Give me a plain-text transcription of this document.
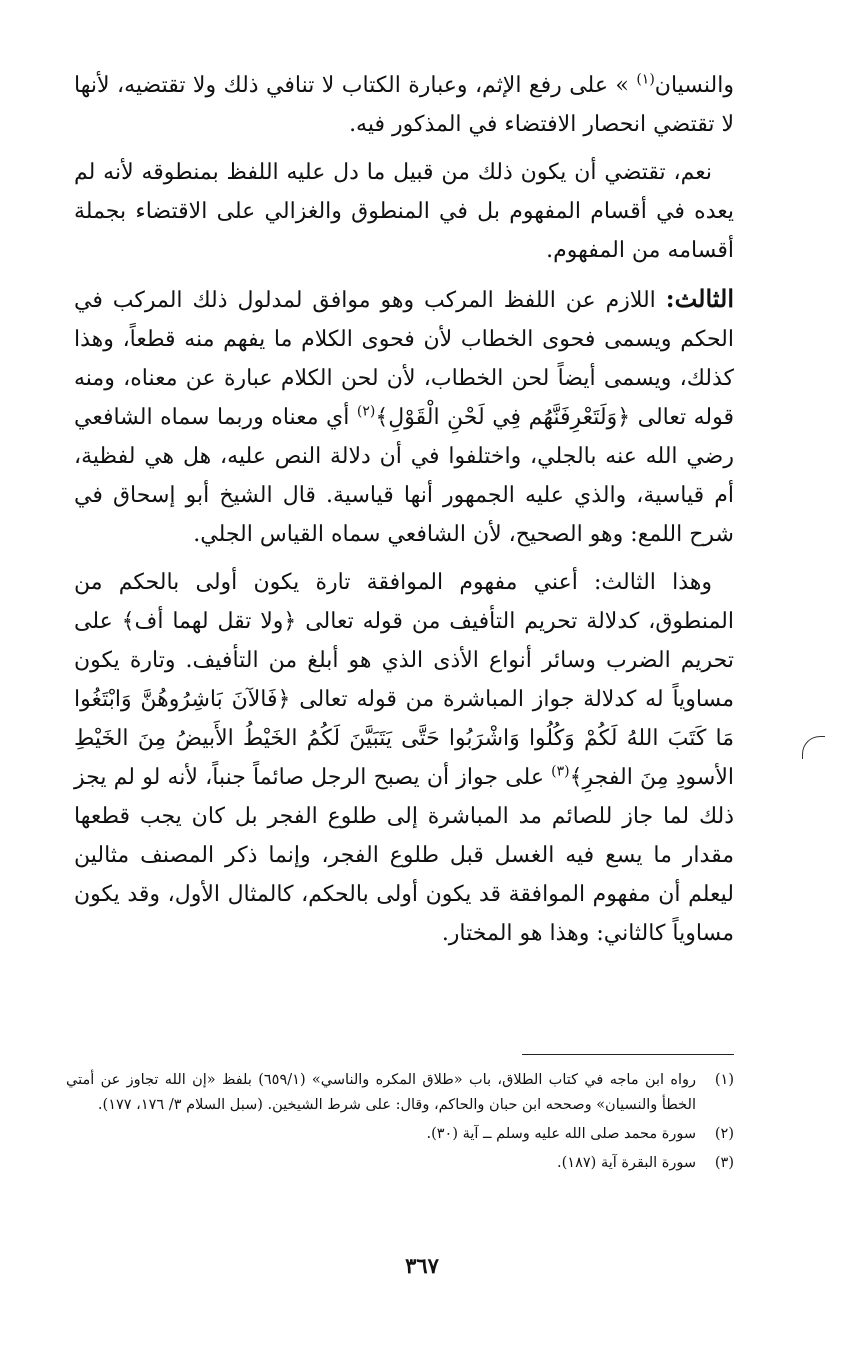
والنسيان$^{(١)}$ » على رفع الإثم، وعبارة الكتاب لا تنافي ذلك ولا تقتضيه، لأنها لا تقتضي انحصار الافتضاء في المذكور فيه.

نعم، تقتضي أن يكون ذلك من قبيل ما دل عليه اللفظ بمنطوقه لأنه لم يعده في أقسام المفهوم بل في المنطوق والغزالي على الاقتضاء بجملة أقسامه من المفهوم.

الثالث: اللازم عن اللفظ المركب وهو موافق لمدلول ذلك المركب في الحكم ويسمى فحوى الخطاب لأن فحوى الكلام ما يفهم منه قطعاً، وهذا كذلك، ويسمى أيضاً لحن الخطاب، لأن لحن الكلام عبارة عن معناه، ومنه قوله تعالى ﴿وَلَتَعْرِفَنَّهُم فِي لَحْنِ الْقَوْلِ﴾$^{(٢)}$ أي معناه وربما سماه الشافعي رضي الله عنه بالجلي، واختلفوا في أن دلالة النص عليه، هل هي لفظية، أم قياسية، والذي عليه الجمهور أنها قياسية. قال الشيخ أبو إسحاق في شرح اللمع: وهو الصحيح، لأن الشافعي سماه القياس الجلي.

وهذا الثالث: أعني مفهوم الموافقة تارة يكون أولى بالحكم من المنطوق، كدلالة تحريم التأفيف من قوله تعالى ﴿ولا تقل لهما أف﴾ على تحريم الضرب وسائر أنواع الأذى الذي هو أبلغ من التأفيف. وتارة يكون مساوياً له كدلالة جواز المباشرة من قوله تعالى ﴿فَالآنَ بَاشِرُوهُنَّ وَابْتَغُوا مَا كَتَبَ اللهُ لَكُمْ وَكُلُوا وَاشْرَبُوا حَتَّى يَتَبَيَّنَ لَكُمُ الخَيْطُ الأَبيضُ مِنَ الخَيْطِ الأسودِ مِنَ الفجرِ﴾$^{(٣)}$ على جواز أن يصبح الرجل صائماً جنباً، لأنه لو لم يجز ذلك لما جاز للصائم مد المباشرة إلى طلوع الفجر بل كان يجب قطعها مقدار ما يسع فيه الغسل قبل طلوع الفجر، وإنما ذكر المصنف مثالين ليعلم أن مفهوم الموافقة قد يكون أولى بالحكم، كالمثال الأول، وقد يكون مساوياً كالثاني: وهذا هو المختار.

(١)
رواه ابن ماجه في كتاب الطلاق، باب «طلاق المكره والناسي» (٦٥٩/١) بلفظ «إن الله تجاوز عن أمتي الخطأ والنسيان» وصححه ابن حبان والحاكم، وقال: على شرط الشيخين. (سبل السلام ٣/ ١٧٦، ١٧٧).
(٢)
سورة محمد صلى الله عليه وسلم ــ آية (٣٠).
(٣)
سورة البقرة آية (١٨٧).
٣٦٧
